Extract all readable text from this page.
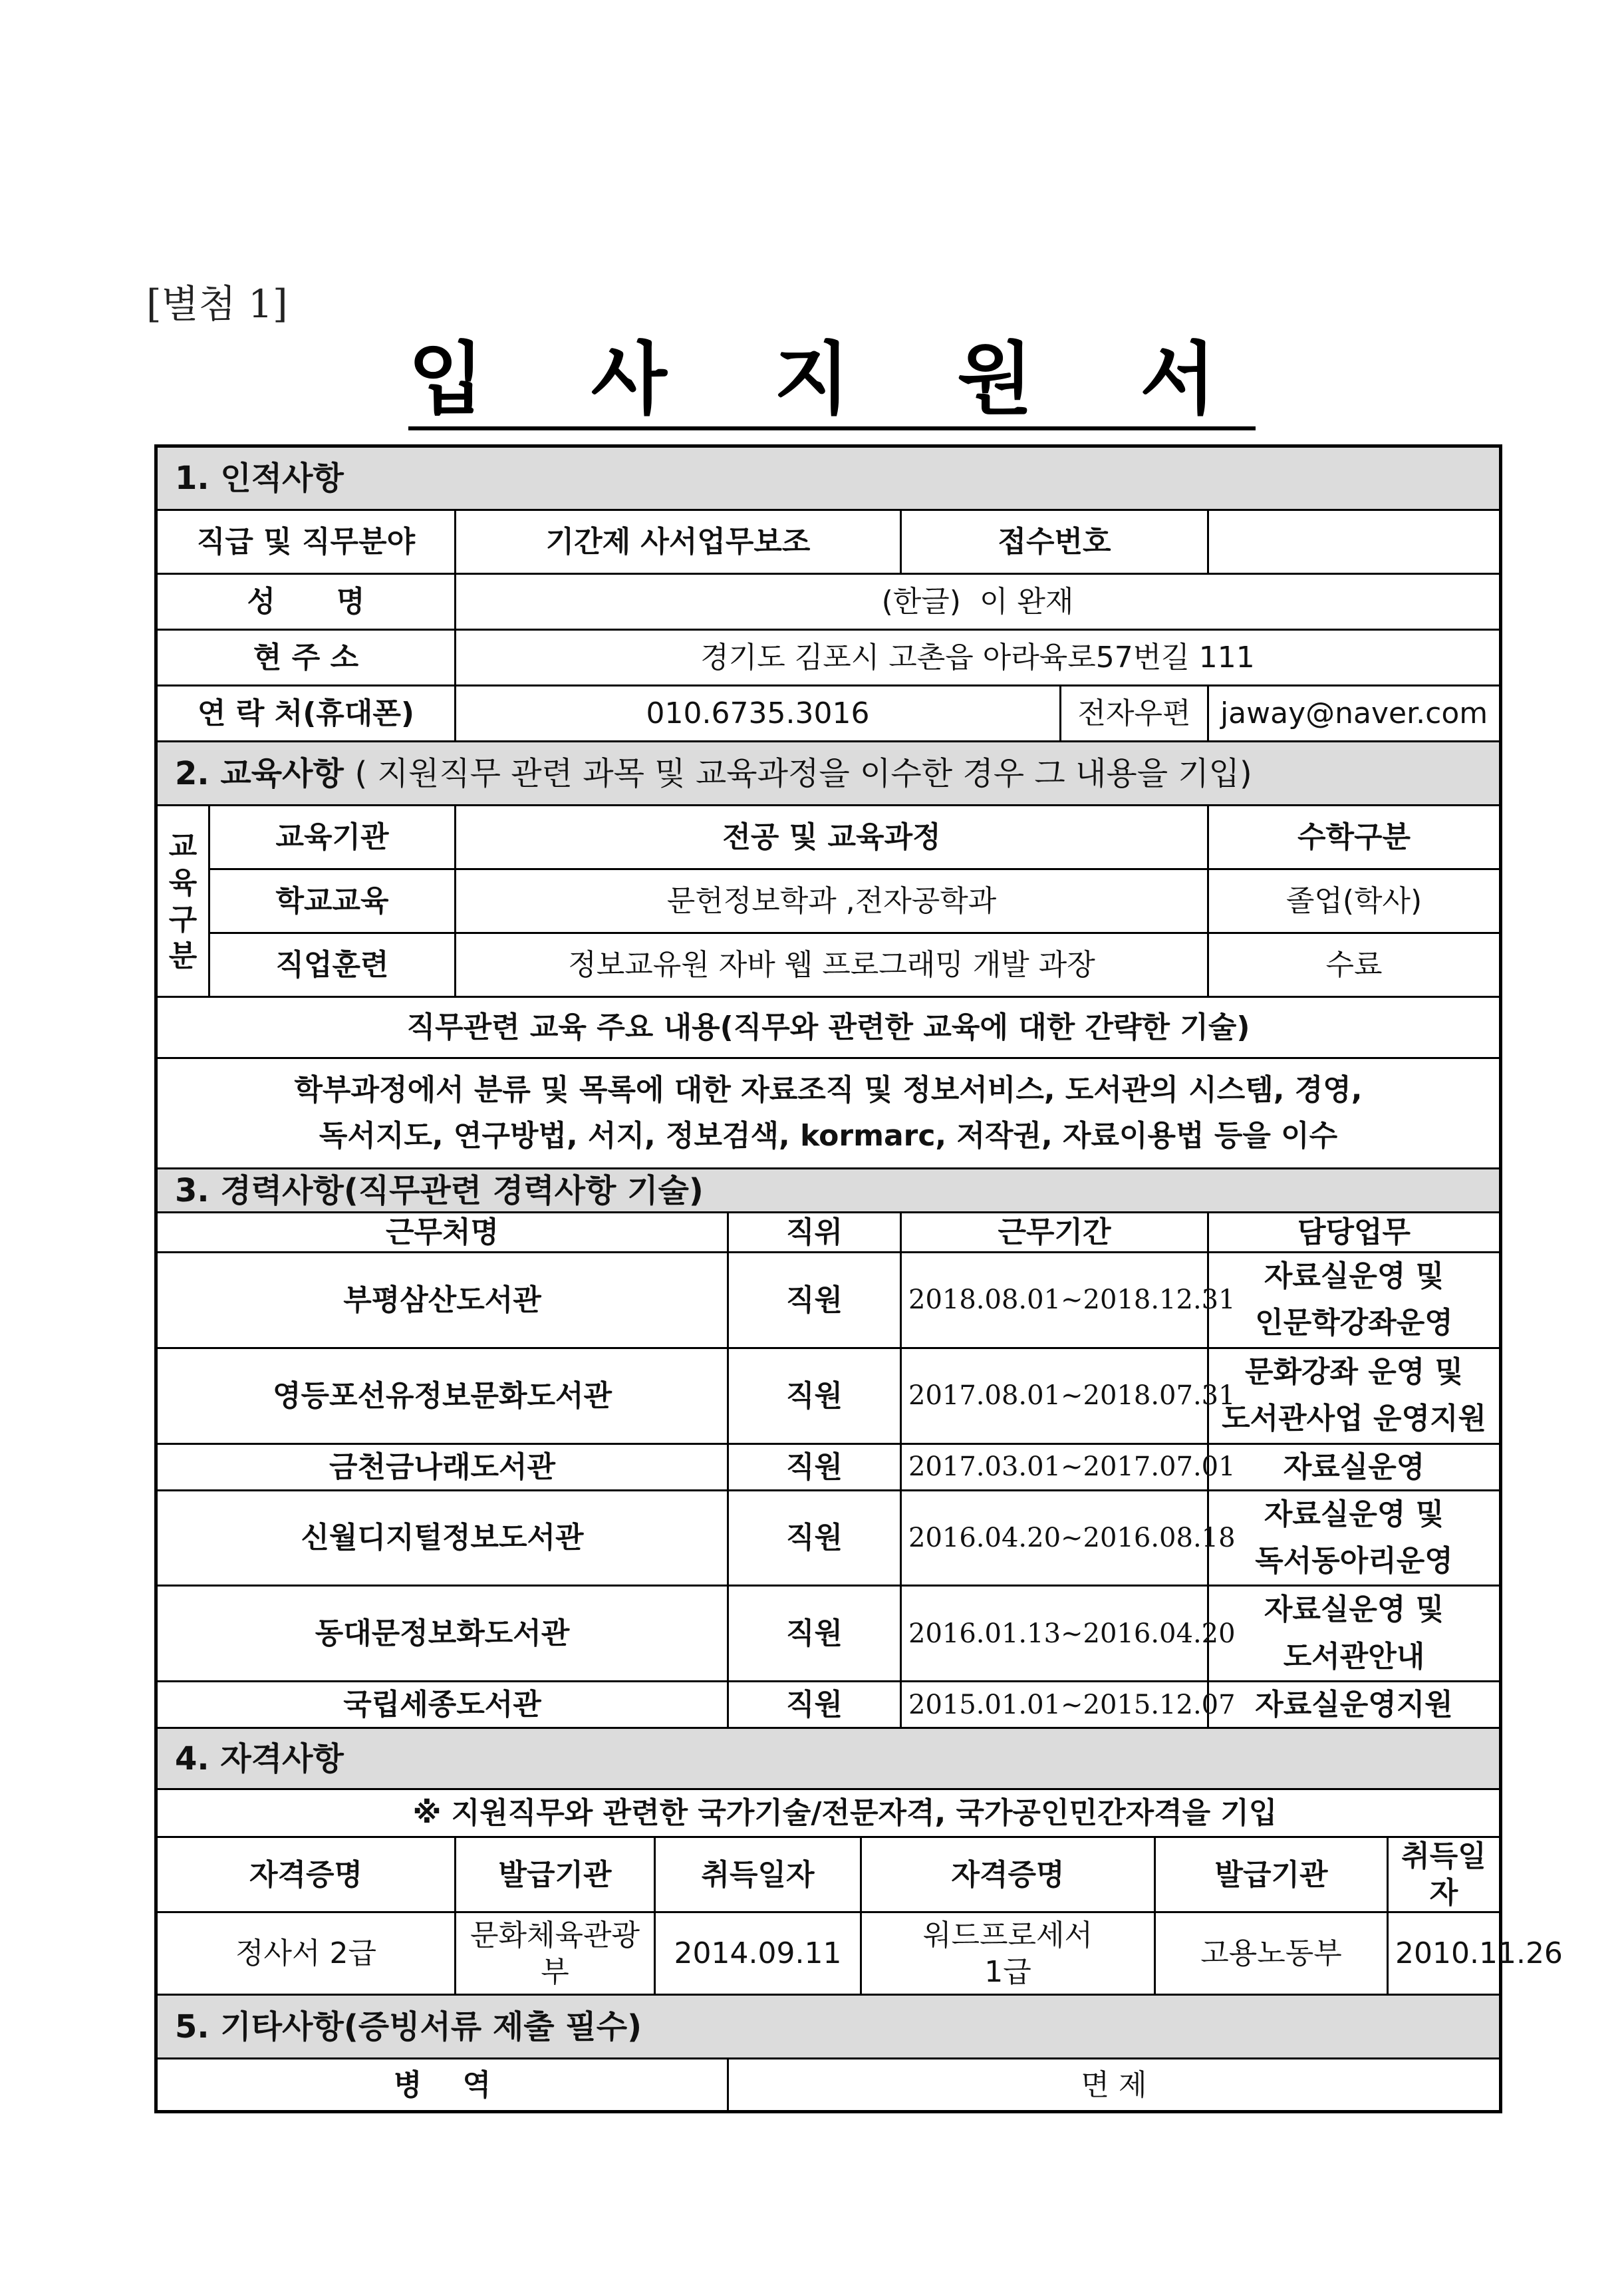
[별첨 1]
입 사 지 원 서
1. 인적사항										
직급 및 직무분야		기간제 사서업무보조				접수번호				
성      명		(한글)  이 완재								
현 주 소		경기도 김포시 고촌읍 아라육로57번길 111								
연 락 처(휴대폰)		010.6735.3016					전자우편		jaway@naver.com	
2. 교육사항 ( 지원직무 관련 과목 및 교육과정을 이수한 경우 그 내용을 기입)										

교
육
구
분	교육기관	전공 및 교육과정							수학구분	
	학교교육	문헌정보학과 ,전자공학과							졸업(학사)	
	직업훈련	정보교유원 자바 웹 프로그래밍 개발 과장							수료	
직무관련 교육 주요 내용(직무와 관련한 교육에 대한 간략한 기술)										

학부과정에서 분류 및 목록에 대한 자료조직 및 정보서비스, 도서관의 시스템, 경영,
독서지도, 연구방법, 서지, 정보검색, kormarc, 저작권, 자료이용법 등을 이수										

3. 경력사항(직무관련 경력사항 기술)										
근무처명				직위		근무기간			담당업무	
부평삼산도서관				직원		2018.08.01~2018.12.31			자료실운영 및
인문학강좌운영	

영등포선유정보문화도서관				직원		2017.08.01~2018.07.31			문화강좌 운영 및
도서관사업 운영지원	

금천금나래도서관				직원		2017.03.01~2017.07.01			자료실운영	

신월디지털정보도서관				직원		2016.04.20~2016.08.18			자료실운영 및
독서동아리운영	

동대문정보화도서관				직원		2016.01.13~2016.04.20			자료실운영 및
도서관안내	

국립세종도서관				직원		2015.01.01~2015.12.07			자료실운영지원	

4. 자격사항										
※ 지원직무와 관련한 국가기술/전문자격, 국가공인민간자격을 기입										
자격증명		발급기관	취득일자		자격증명			발급기관		취득일자
정사서 2급		문화체육관광부	2014.09.11		워드프로세서
1급			고용노동부		2010.11.26
5. 기타사항(증빙서류 제출 필수)										
병    역				면 제						
